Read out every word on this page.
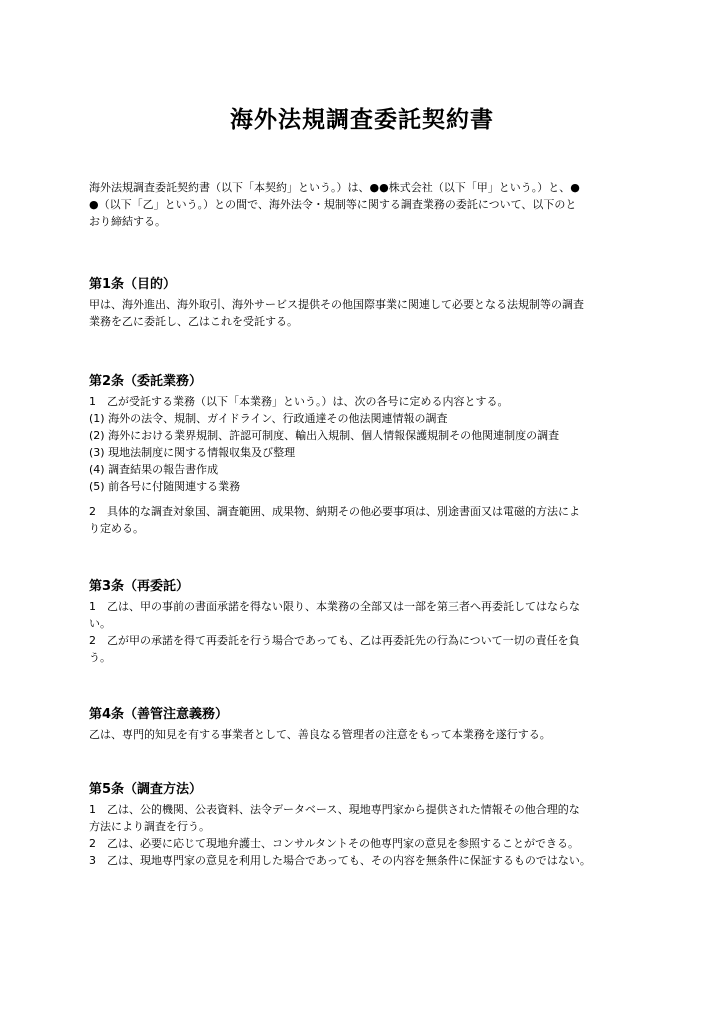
海外法規調査委託契約書
海外法規調査委託契約書（以下「本契約」という。）は、●●株式会社（以下「甲」という。）と、●
●（以下「乙」という。）との間で、海外法令・規制等に関する調査業務の委託について、以下のと
おり締結する。
第1条（目的）
甲は、海外進出、海外取引、海外サービス提供その他国際事業に関連して必要となる法規制等の調査
業務を乙に委託し、乙はこれを受託する。
第2条（委託業務）
1　乙が受託する業務（以下「本業務」という。）は、次の各号に定める内容とする。
(1) 海外の法令、規制、ガイドライン、行政通達その他法関連情報の調査
(2) 海外における業界規制、許認可制度、輸出入規制、個人情報保護規制その他関連制度の調査
(3) 現地法制度に関する情報収集及び整理
(4) 調査結果の報告書作成
(5) 前各号に付随関連する業務
2　具体的な調査対象国、調査範囲、成果物、納期その他必要事項は、別途書面又は電磁的方法によ
り定める。
第3条（再委託）
1　乙は、甲の事前の書面承諾を得ない限り、本業務の全部又は一部を第三者へ再委託してはならな
い。
2　乙が甲の承諾を得て再委託を行う場合であっても、乙は再委託先の行為について一切の責任を負
う。
第4条（善管注意義務）
乙は、専門的知見を有する事業者として、善良なる管理者の注意をもって本業務を遂行する。
第5条（調査方法）
1　乙は、公的機関、公表資料、法令データベース、現地専門家から提供された情報その他合理的な
方法により調査を行う。
2　乙は、必要に応じて現地弁護士、コンサルタントその他専門家の意見を参照することができる。
3　乙は、現地専門家の意見を利用した場合であっても、その内容を無条件に保証するものではない。
